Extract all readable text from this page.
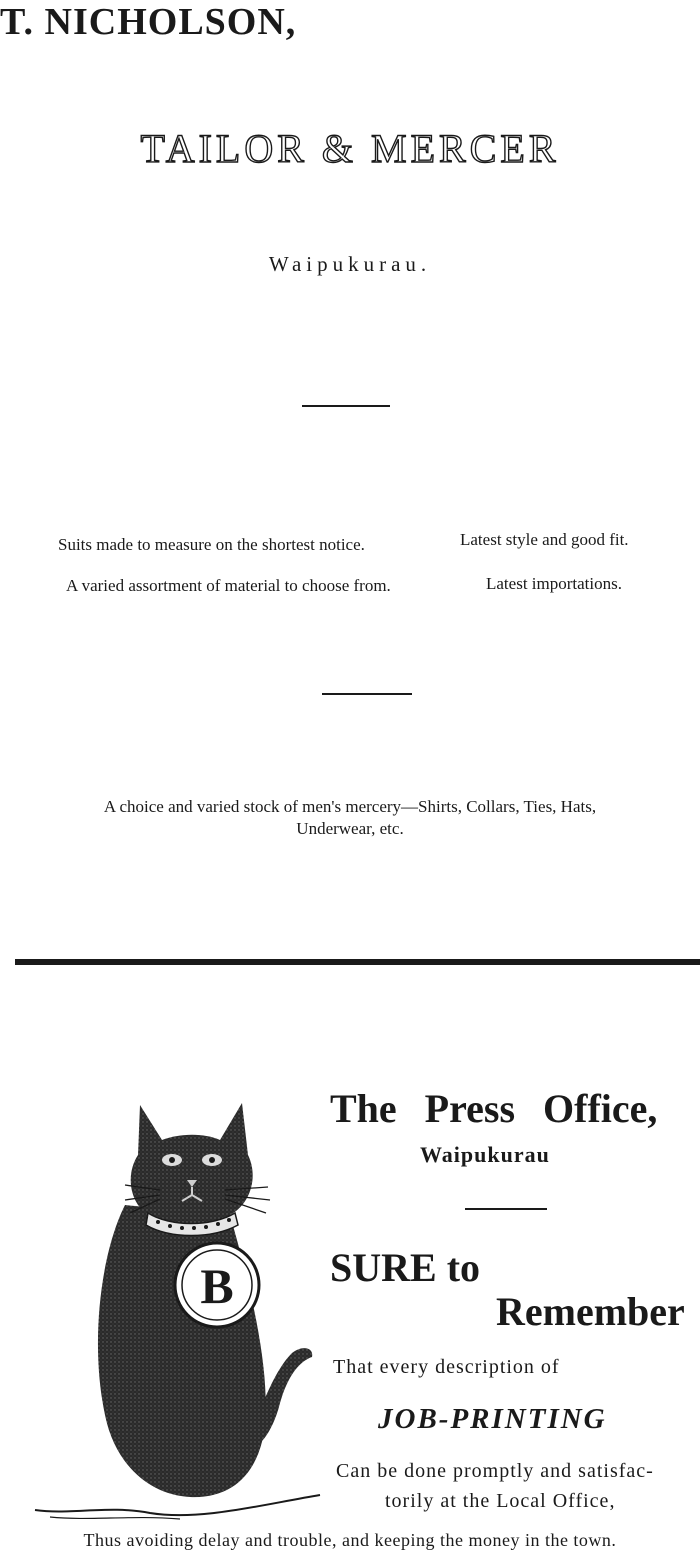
T. NICHOLSON,
TAILOR & MERCER
Waipukurau.
Suits made to measure on the shortest notice.	Latest style and good fit.
A varied assortment of material to choose from.	Latest importations.
A choice and varied stock of men's mercery—Shirts, Collars, Ties, Hats,
Underwear, etc.
B
The Press Office,
Waipukurau
SURE to
Remember
That every description of
JOB-PRINTING
Can be done promptly and satisfac-
torily at the Local Office,
Thus avoiding delay and trouble, and keeping the money in the town.
